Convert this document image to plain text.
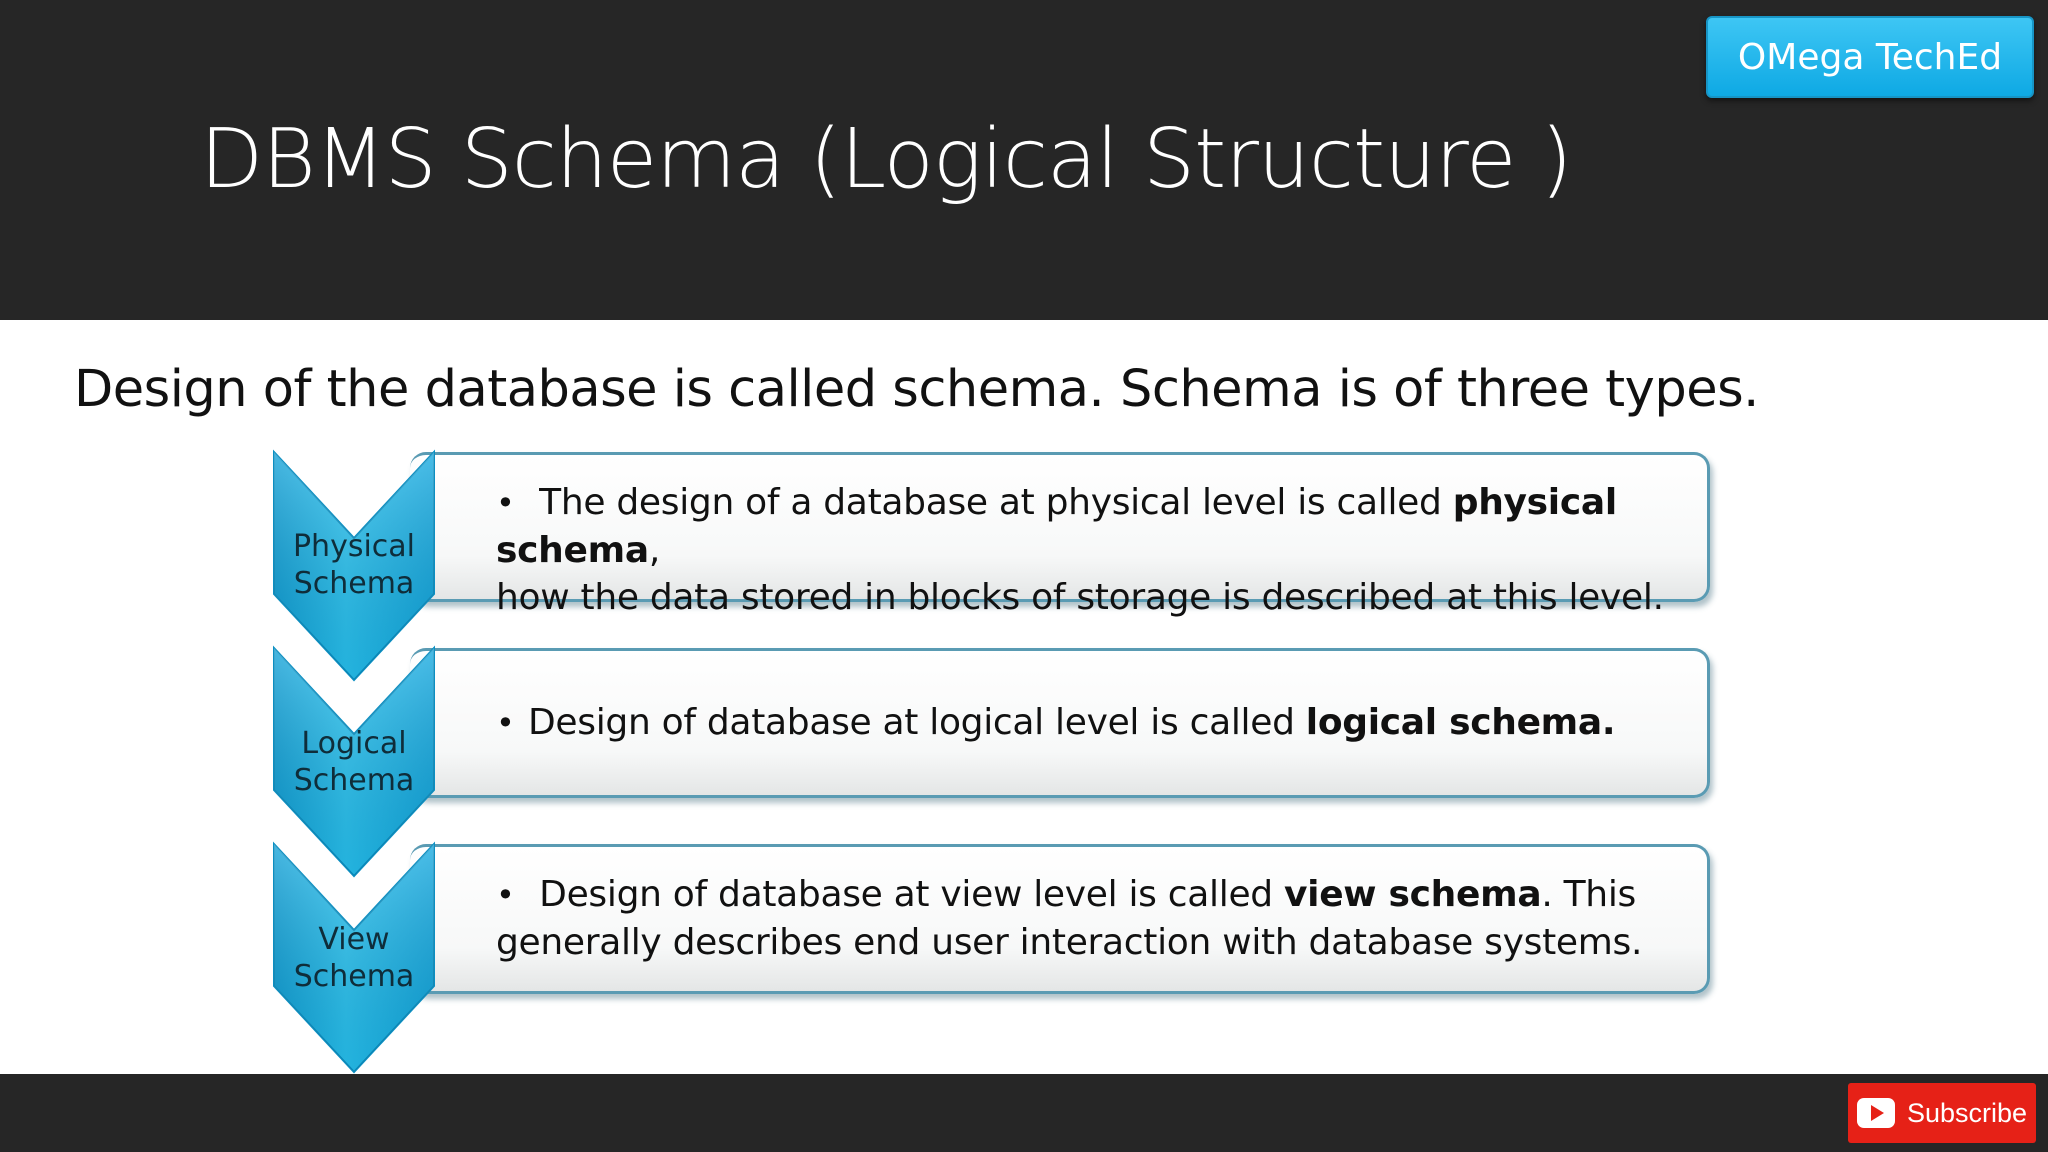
DBMS Schema (Logical Structure )
OMega TechEd
Design of the database is called schema. Schema is of three types.
• The design of a database at physical level is called physical schema,
how the data stored in blocks of storage is described at this level.
• Design of database at logical level is called logical schema.
• Design of database at view level is called view schema. This
generally describes end user interaction with database systems.
Physical
Schema
Logical
Schema
View
Schema
Subscribe
